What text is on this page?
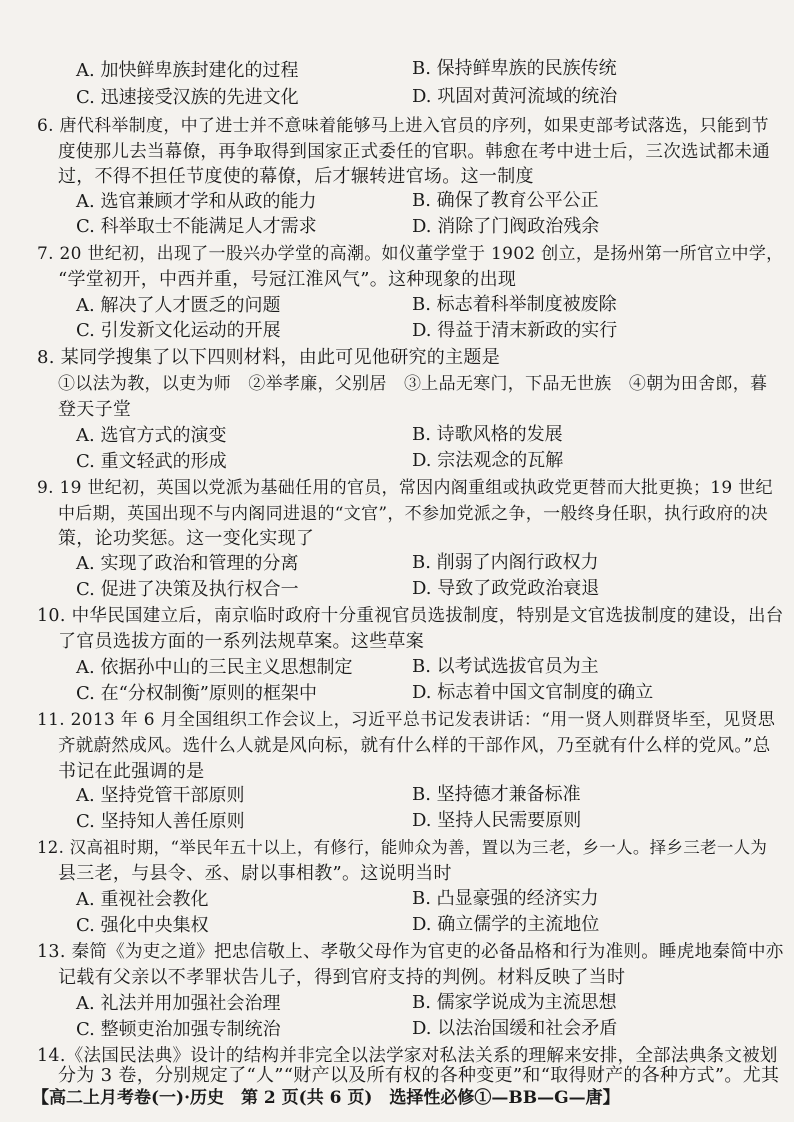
A. 加快鲜卑族封建化的过程	B. 保持鲜卑族的民族传统
C. 迅速接受汉族的先进文化	D. 巩固对黄河流域的统治
6. 唐代科举制度，中了进士并不意味着能够马上进入官员的序列，如果吏部考试落选，只能到节
度使那儿去当幕僚，再争取得到国家正式委任的官职。韩愈在考中进士后，三次选试都未通
过，不得不担任节度使的幕僚，后才辗转进官场。这一制度
A. 选官兼顾才学和从政的能力	B. 确保了教育公平公正
C. 科举取士不能满足人才需求	D. 消除了门阀政治残余
7. 20 世纪初，出现了一股兴办学堂的高潮。如仪董学堂于 1902 创立，是扬州第一所官立中学，
“学堂初开，中西并重，号冠江淮风气”。这种现象的出现
A. 解决了人才匮乏的问题	B. 标志着科举制度被废除
C. 引发新文化运动的开展	D. 得益于清末新政的实行
8. 某同学搜集了以下四则材料，由此可见他研究的主题是
①以法为教，以吏为师　②举孝廉，父别居　③上品无寒门，下品无世族　④朝为田舍郎，暮
登天子堂
A. 选官方式的演变	B. 诗歌风格的发展
C. 重文轻武的形成	D. 宗法观念的瓦解
9. 19 世纪初，英国以党派为基础任用的官员，常因内阁重组或执政党更替而大批更换；19 世纪
中后期，英国出现不与内阁同进退的“文官”，不参加党派之争，一般终身任职，执行政府的决
策，论功奖惩。这一变化实现了
A. 实现了政治和管理的分离	B. 削弱了内阁行政权力
C. 促进了决策及执行权合一	D. 导致了政党政治衰退
10. 中华民国建立后，南京临时政府十分重视官员选拔制度，特别是文官选拔制度的建设，出台
了官员选拔方面的一系列法规草案。这些草案
A. 依据孙中山的三民主义思想制定	B. 以考试选拔官员为主
C. 在“分权制衡”原则的框架中	D. 标志着中国文官制度的确立
11. 2013 年 6 月全国组织工作会议上，习近平总书记发表讲话：“用一贤人则群贤毕至，见贤思
齐就蔚然成风。选什么人就是风向标，就有什么样的干部作风，乃至就有什么样的党风。”总
书记在此强调的是
A. 坚持党管干部原则	B. 坚持德才兼备标准
C. 坚持知人善任原则	D. 坚持人民需要原则
12. 汉高祖时期，“举民年五十以上，有修行，能帅众为善，置以为三老，乡一人。择乡三老一人为
县三老，与县令、丞、尉以事相教”。这说明当时
A. 重视社会教化	B. 凸显豪强的经济实力
C. 强化中央集权	D. 确立儒学的主流地位
13. 秦简《为吏之道》把忠信敬上、孝敬父母作为官吏的必备品格和行为准则。睡虎地秦简中亦
记载有父亲以不孝罪状告儿子，得到官府支持的判例。材料反映了当时
A. 礼法并用加强社会治理	B. 儒家学说成为主流思想
C. 整顿吏治加强专制统治	D. 以法治国缓和社会矛盾
14.《法国民法典》设计的结构并非完全以法学家对私法关系的理解来安排，全部法典条文被划
分为 3 卷，分别规定了“人”“财产以及所有权的各种变更”和“取得财产的各种方式”。尤其
【高二上月考卷(一)·历史　第 2 页(共 6 页)　选择性必修①—BB—G—唐】
